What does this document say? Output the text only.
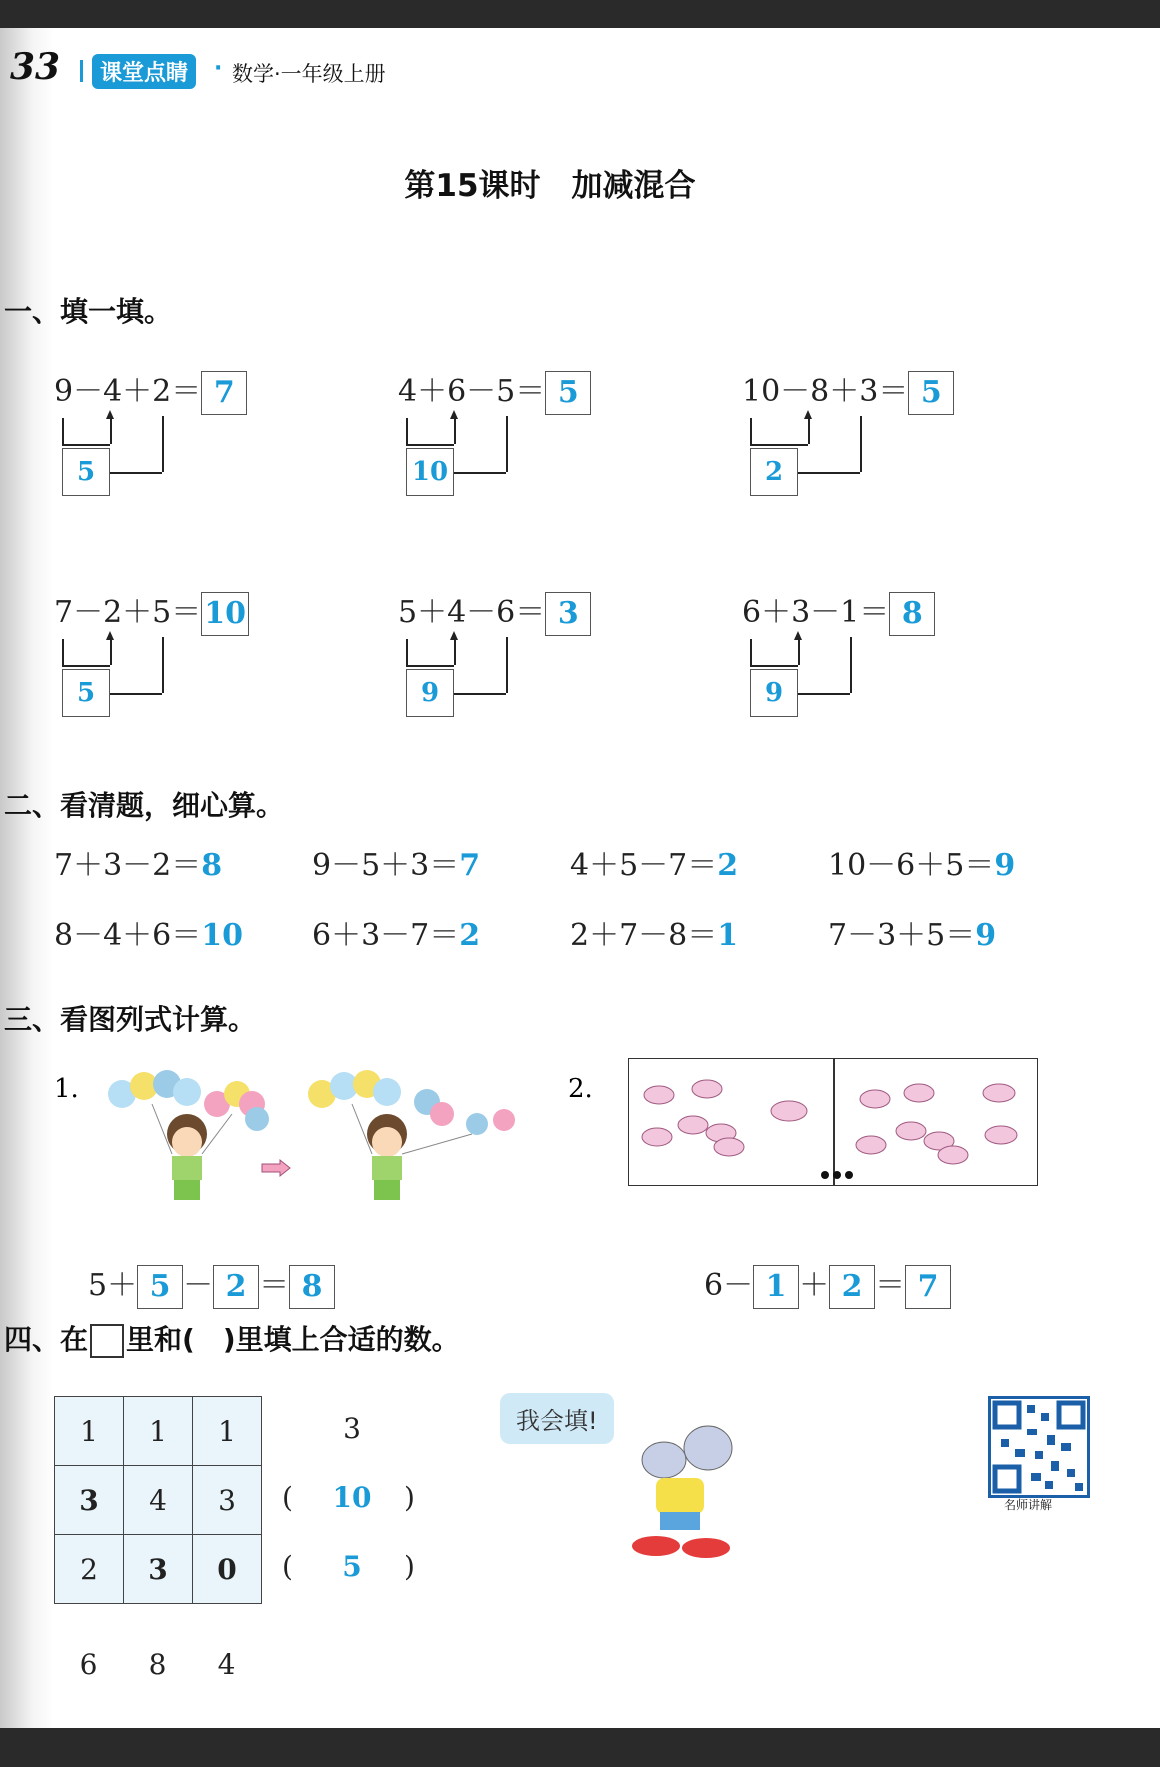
33	课堂点睛	· 数学·一年级上册
第15课时　加减混合
一、填一填。
9－4＋2＝ 7
5
4＋6－5＝ 5
10
10－8＋3＝ 5
2
7－2＋5＝ 10
5
5＋4－6＝ 3
9
6＋3－1＝ 8
9
二、看清题，细心算。
7＋3－2＝8	9－5＋3＝7	4＋5－7＝2	10－6＋5＝9
8－4＋6＝10 6＋3－7＝2	2＋7－8＝1	7－3＋5＝9
三、看图列式计算。
1.
5＋ 5 － 2 ＝ 8
2.
6－ 1 ＋ 2 ＝ 7
四、在 里和(　)里填上合适的数。
1	1	1
3	4	3
2	3	0
3
(	)
10
(	)
5
6	8	4
我会填!
名师讲解
